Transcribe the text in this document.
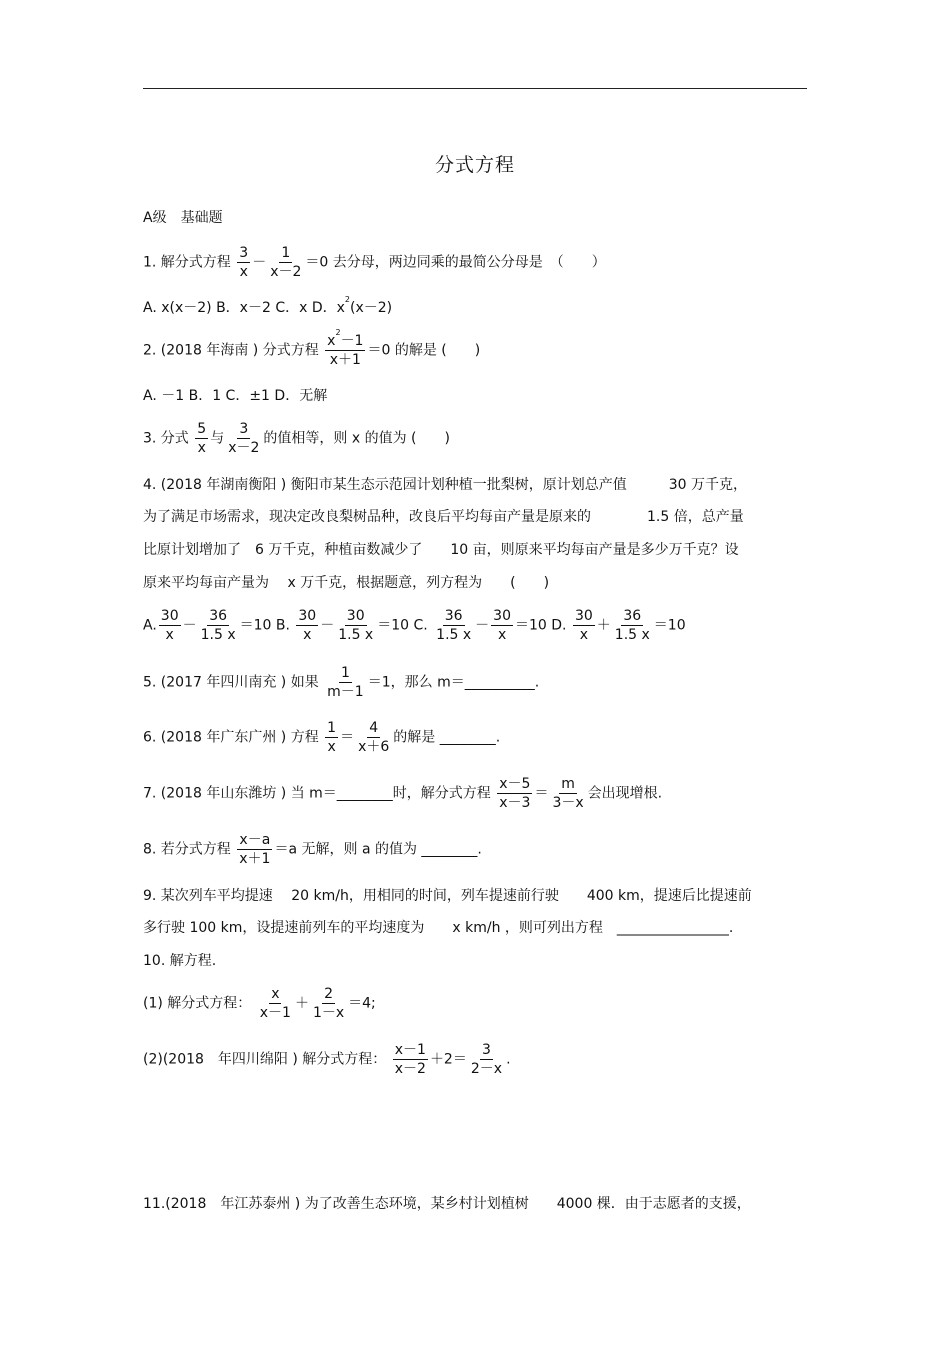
分式方程
A级　基础题
1. 解分式方程 $\frac{3}{x} - \frac{1}{x-2} =0$ 去分母，两边同乘的最简公分母是　（　　）
A. x(x－2) B．x－2 C．x D．$x^2(x-2)$
2. (2018 年海南 ) 分式方程 $\frac{x^2-1}{x+1} =0$ 的解是 (　　)
A. －1 B．1 C．±1 D．无解
3. 分式 $\frac{5}{x}$ 与 $\frac{3}{x-2}$ 的值相等，则 x 的值为 (　　)
4. (2018 年湖南衡阳 ) 衡阳市某生态示范园计划种植一批梨树，原计划总产值　　　30 万千克，
为了满足市场需求，现决定改良梨树品种，改良后平均每亩产量是原来的　　　　1.5 倍，总产量
比原计划增加了　6 万千克，种植亩数减少了　　10 亩，则原来平均每亩产量是多少万千克？设
原来平均每亩产量为　 x 万千克，根据题意，列方程为　　(　　)
A. $\frac{30}{x} - \frac{36}{1.5 x} =10$ B. $\frac{30}{x} - \frac{30}{1.5 x} =10$ C. $\frac{36}{1.5 x} - \frac{30}{x} =10$ D. $\frac{30}{x} + \frac{36}{1.5 x} =10$
5. (2017 年四川南充 ) 如果 $\frac{1}{m-1} =1$，那么 m＝__________.
6. (2018 年广东广州 ) 方程 $\frac{1}{x} = \frac{4}{x+6}$ 的解是 ________.
7. (2018 年山东潍坊 ) 当 m＝________时，解分式方程 $\frac{x-5}{x-3} = \frac{m}{3-x}$ 会出现增根.
8. 若分式方程 $\frac{x-a}{x+1} =a$ 无解，则 a 的值为 ________.
9. 某次列车平均提速　 20 km/h，用相同的时间，列车提速前行驶　　400 km，提速后比提速前
多行驶 100 km，设提速前列车的平均速度为　　x km/h ，则可列出方程　________________.
10. 解方程.
(1) 解分式方程： $\frac{x}{x-1} + \frac{2}{1-x} =4$;
(2)(2018　年四川绵阳 ) 解分式方程： $\frac{x-1}{x-2} +2= \frac{3}{2-x}$ .
11.(2018　年江苏泰州 ) 为了改善生态环境，某乡村计划植树　　4000 棵．由于志愿者的支援，
